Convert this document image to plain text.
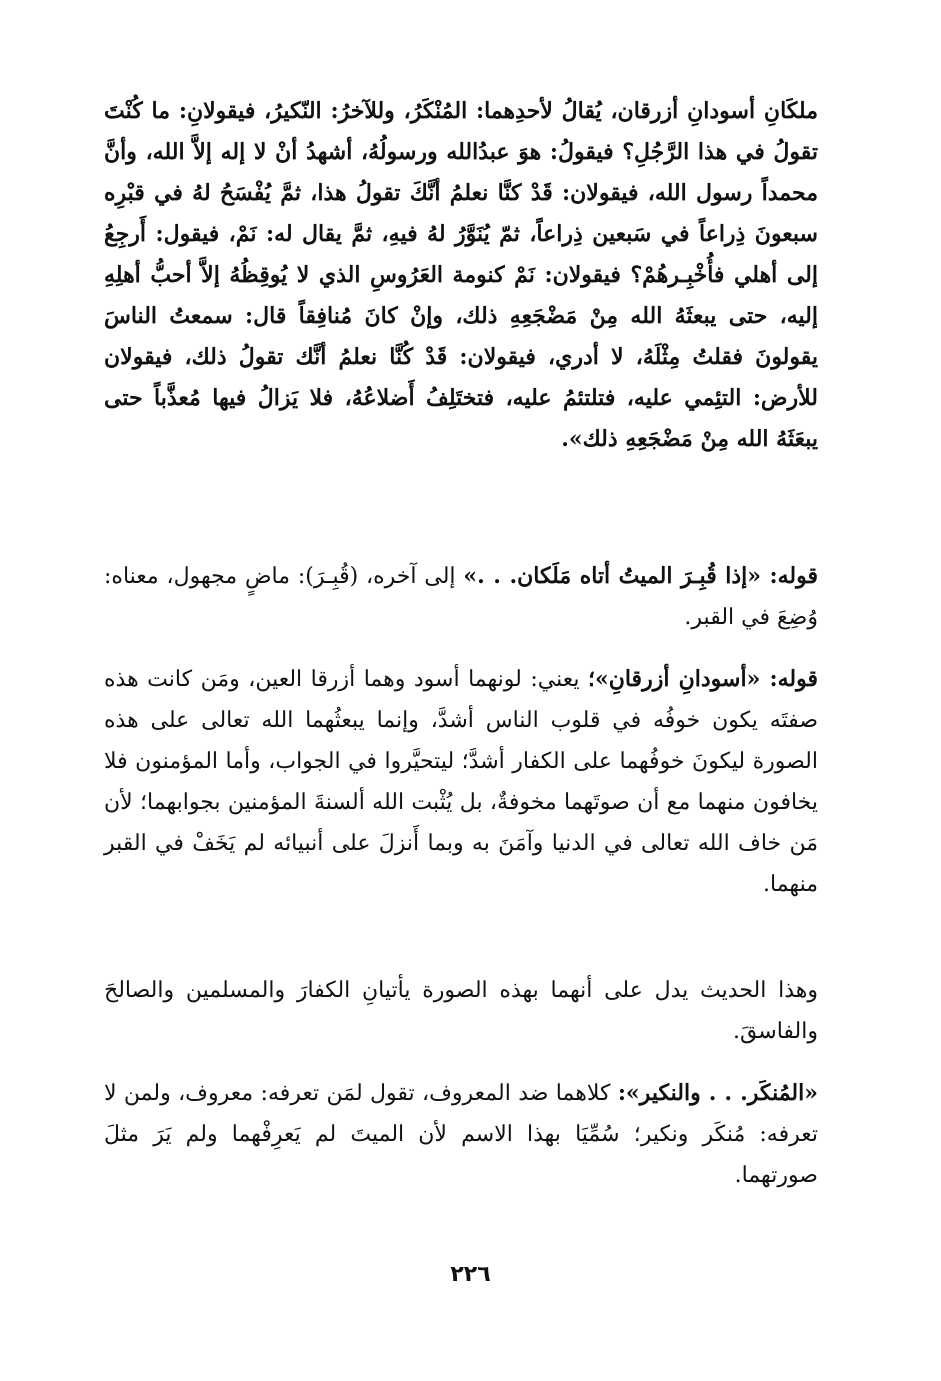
ملكَانِ أسودانِ أزرقان، يُقالُ لأحدِهما: المُنْكَرُ، وللآخرُ: النّكيرُ، فيقولانِ: ما كُنْتَ تقولُ في هذا الرَّجُلِ؟ فيقولُ: هوَ عبدُالله ورسولُهُ، أشهدُ أنْ لا إله إلاَّ الله، وأنَّ محمداً رسول الله، فيقولان: قَدْ كنَّا نعلمُ أنَّكَ تقولُ هذا، ثمَّ يُفْسَحُ لهُ في قبْرِه سبعونَ ذِراعاً في سَبعين ذِراعاً، ثمّ يُنَوَّرُ لهُ فيهِ، ثمَّ يقال له: نَمْ، فيقول: أَرجِعُ إلى أهلي فأُخْبِـرهُمْ؟ فيقولان: نَمْ كنومة العَرُوسِ الذي لا يُوقِظُهُ إلاَّ أحبُّ أهلِهِ إليه، حتى يبعثَهُ الله مِنْ مَضْجَعِهِ ذلك، وإنْ كانَ مُنافِقاً قال: سمعتُ الناسَ يقولونَ فقلتُ مِثْلَهُ، لا أدري، فيقولان: قَدْ كُنَّا نعلمُ أنَّك تقولُ ذلك، فيقولان للأرض: التئِمي عليه، فتلتئمُ عليه، فتختَلِفُ أَضلاعُهُ، فلا يَزالُ فيها مُعذَّباً حتى يبعَثَهُ الله مِنْ مَضْجَعِهِ ذلك».

قوله: «إذا قُبِـرَ الميتُ أتاه مَلَكان. . .» إلى آخره، (قُبِـرَ): ماضٍ مجهول، معناه: وُضِعَ في القبر.

قوله: «أسودانِ أزرقانِ»؛ يعني: لونهما أسود وهما أزرقا العين، ومَن كانت هذه صفتَه يكون خوفُه في قلوب الناس أشدَّ، وإنما يبعثُهما الله تعالى على هذه الصورة ليكونَ خوفُهما على الكفار أشدَّ؛ ليتحيَّروا في الجواب، وأما المؤمنون فلا يخافون منهما مع أن صوتَهما مخوفةٌ، بل يُثْبت الله ألسنةَ المؤمنين بجوابهما؛ لأن مَن خاف الله تعالى في الدنيا وآمَنَ به وبما أَنزلَ على أنبيائه لم يَخَفْ في القبر منهما.

وهذا الحديث يدل على أنهما بهذه الصورة يأتيانِ الكفارَ والمسلمين والصالحَ والفاسقَ.

«المُنكَر. . . والنكير»: كلاهما ضد المعروف، تقول لمَن تعرفه: معروف، ولمن لا تعرفه: مُنكَر ونكير؛ سُمِّيَا بهذا الاسم لأن الميتَ لم يَعرِفْهما ولم يَرَ مثلَ صورتهما.

٢٢٦
